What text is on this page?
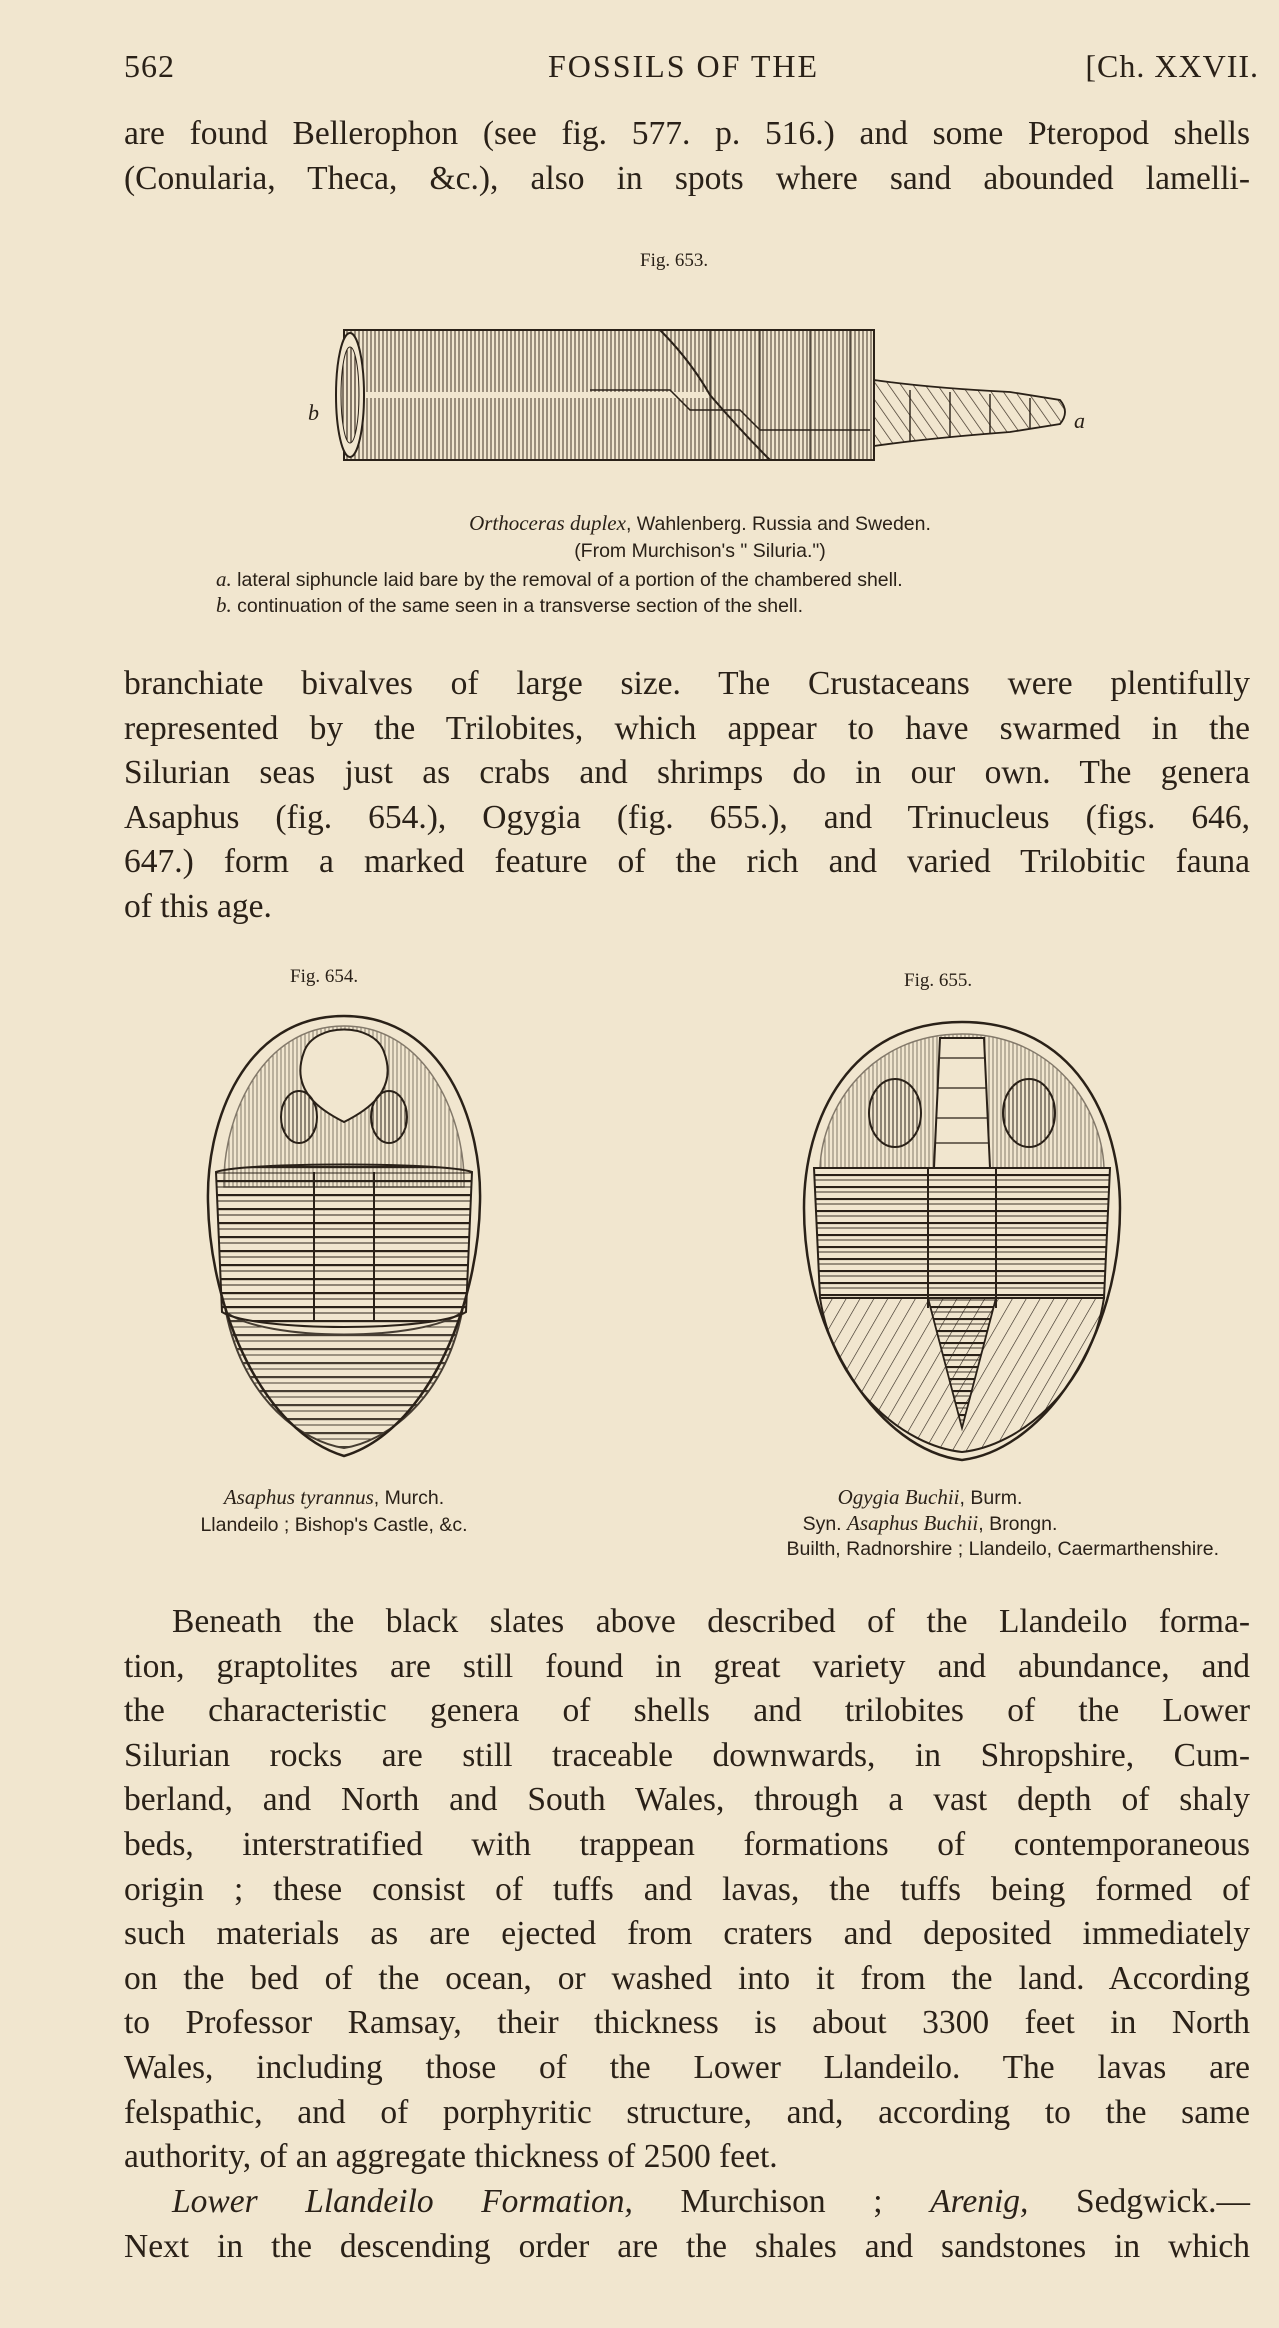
562	FOSSILS OF THE	[Ch. XXVII.
are found Bellerophon (see fig. 577. p. 516.) and some Pteropod shells
(Conularia, Theca, &c.), also in spots where sand abounded lamelli-
Fig. 653.
b	a
Orthoceras duplex, Wahlenberg. Russia and Sweden.
(From Murchison's " Siluria.")
a. lateral siphuncle laid bare by the removal of a portion of the chambered shell.
b. continuation of the same seen in a transverse section of the shell.
branchiate bivalves of large size. The Crustaceans were plentifully
represented by the Trilobites, which appear to have swarmed in the
Silurian seas just as crabs and shrimps do in our own. The genera
Asaphus (fig. 654.), Ogygia (fig. 655.), and Trinucleus (figs. 646,
647.) form a marked feature of the rich and varied Trilobitic fauna
of this age.
Fig. 654.
Asaphus tyrannus, Murch.
Llandeilo ; Bishop's Castle, &c.
Fig. 655.
Ogygia Buchii, Burm.
Syn. Asaphus Buchii, Brongn.
Builth, Radnorshire ; Llandeilo, Caermarthenshire.
Beneath the black slates above described of the Llandeilo forma-
tion, graptolites are still found in great variety and abundance, and
the characteristic genera of shells and trilobites of the Lower
Silurian rocks are still traceable downwards, in Shropshire, Cum-
berland, and North and South Wales, through a vast depth of shaly
beds, interstratified with trappean formations of contemporaneous
origin ; these consist of tuffs and lavas, the tuffs being formed of
such materials as are ejected from craters and deposited immediately
on the bed of the ocean, or washed into it from the land. According
to Professor Ramsay, their thickness is about 3300 feet in North
Wales, including those of the Lower Llandeilo. The lavas are
felspathic, and of porphyritic structure, and, according to the same
authority, of an aggregate thickness of 2500 feet.
Lower Llandeilo Formation, Murchison ; Arenig, Sedgwick.—
Next in the descending order are the shales and sandstones in which
